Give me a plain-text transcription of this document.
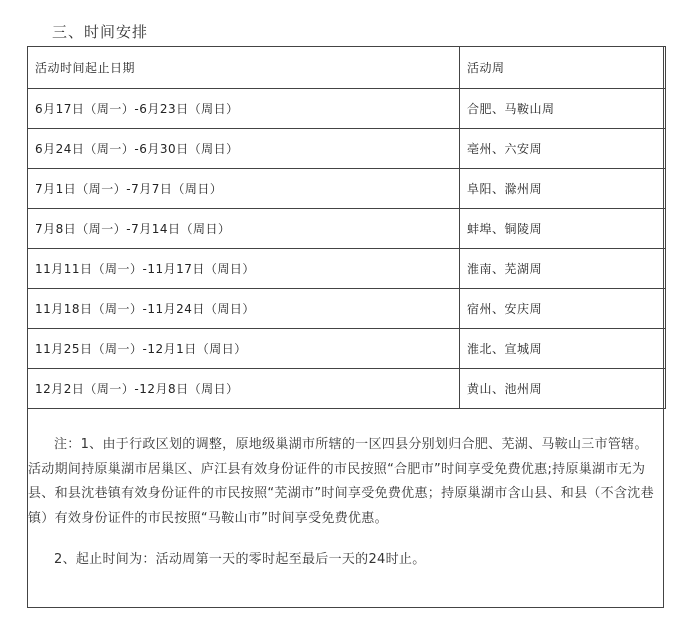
三、时间安排
活动时间起止日期	活动周
6月17日（周一）-6月23日（周日）	合肥、马鞍山周
6月24日（周一）-6月30日（周日）	亳州、六安周
7月1日（周一）-7月7日（周日）	阜阳、滁州周
7月8日（周一）-7月14日（周日）	蚌埠、铜陵周
11月11日（周一）-11月17日（周日）	淮南、芜湖周
11月18日（周一）-11月24日（周日）	宿州、安庆周
11月25日（周一）-12月1日（周日）	淮北、宣城周
12月2日（周一）-12月8日（周日）	黄山、池州周

注：1、由于行政区划的调整，原地级巢湖市所辖的一区四县分别划归合肥、芜湖、马鞍山三市管辖。活动期间持原巢湖市居巢区、庐江县有效身份证件的市民按照“合肥市”时间享受免费优惠;持原巢湖市无为县、和县沈巷镇有效身份证件的市民按照“芜湖市”时间享受免费优惠；持原巢湖市含山县、和县（不含沈巷镇）有效身份证件的市民按照“马鞍山市”时间享受免费优惠。

2、起止时间为：活动周第一天的零时起至最后一天的24时止。
